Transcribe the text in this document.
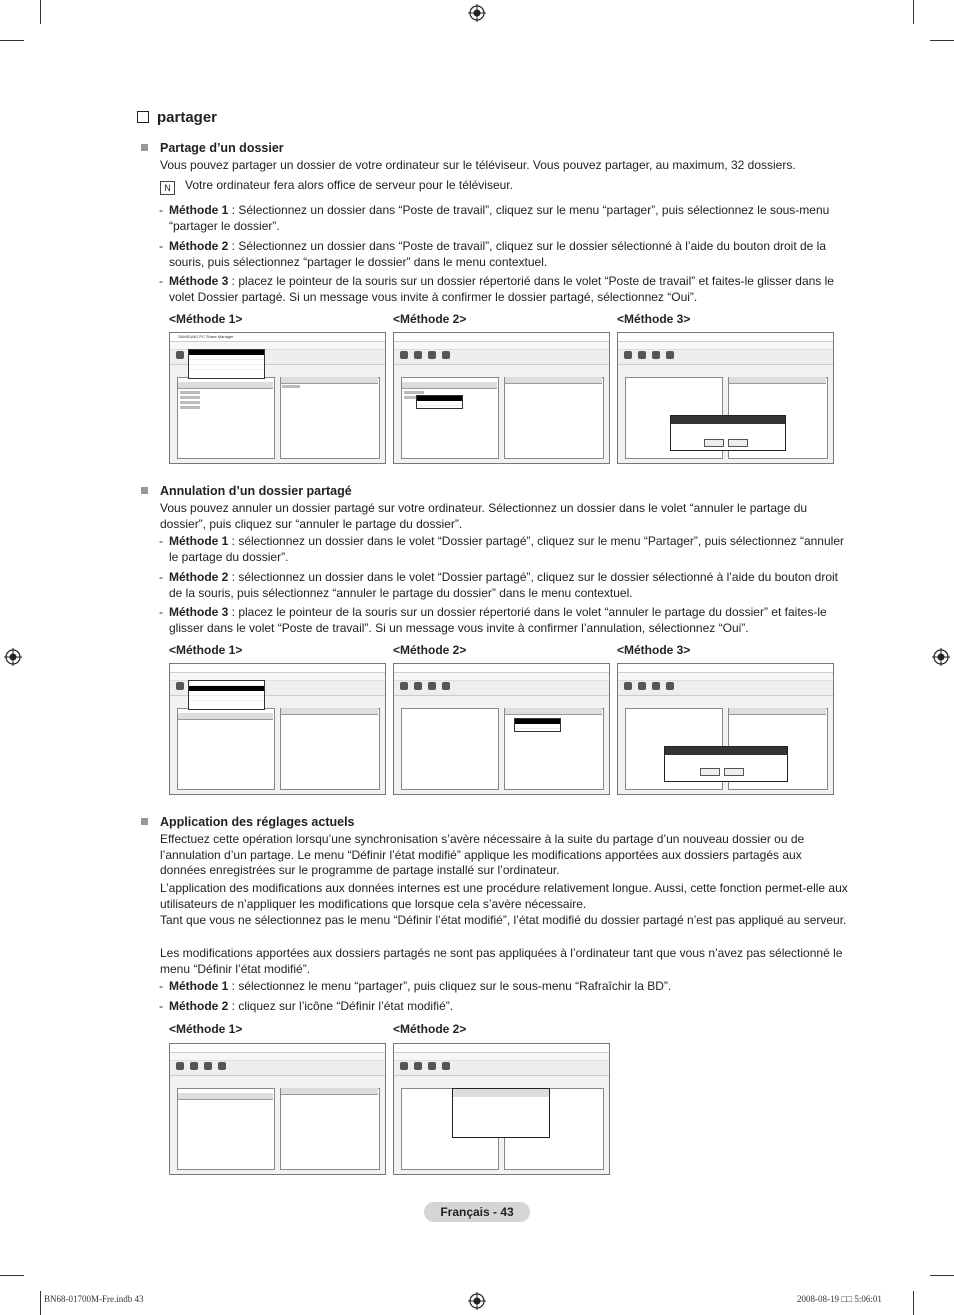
partager
Partage d’un dossier
Vous pouvez partager un dossier de votre ordinateur sur le téléviseur. Vous pouvez partager, au maximum, 32 dossiers.
N Votre ordinateur fera alors office de serveur pour le téléviseur.
- Méthode 1 : Sélectionnez un dossier dans “Poste de travail”, cliquez sur le menu “partager”, puis sélectionnez le sous-menu “partager le dossier”.
- Méthode 2 : Sélectionnez un dossier dans “Poste de travail”, cliquez sur le dossier sélectionné à l’aide du bouton droit de la souris, puis sélectionnez “partager le dossier” dans le menu contextuel.
- Méthode 3 : placez le pointeur de la souris sur un dossier répertorié dans le volet “Poste de travail” et faites-le glisser dans le volet Dossier partagé. Si un message vous invite à confirmer le dossier partagé, sélectionnez “Oui”.
<Méthode 1>	<Méthode 2>	<Méthode 3>
SAMSUNG PC Share Manager
Annulation d’un dossier partagé
Vous pouvez annuler un dossier partagé sur votre ordinateur. Sélectionnez un dossier dans le volet “annuler le partage du dossier”, puis cliquez sur “annuler le partage du dossier”.
- Méthode 1 : sélectionnez un dossier dans le volet “Dossier partagé”, cliquez sur le menu “Partager”, puis sélectionnez “annuler le partage du dossier”.
- Méthode 2 : sélectionnez un dossier dans le volet “Dossier partagé”, cliquez sur le dossier sélectionné à l’aide du bouton droit de la souris, puis sélectionnez “annuler le partage du dossier” dans le menu contextuel.
- Méthode 3 : placez le pointeur de la souris sur un dossier répertorié dans le volet “annuler le partage du dossier” et faites-le glisser dans le volet “Poste de travail”. Si un message vous invite à confirmer l’annulation, sélectionnez “Oui”.
<Méthode 1>	<Méthode 2>	<Méthode 3>
Application des réglages actuels
Effectuez cette opération lorsqu’une synchronisation s’avère nécessaire à la suite du partage d’un nouveau dossier ou de l’annulation d’un partage. Le menu “Définir l’état modifié” applique les modifications apportées aux dossiers partagés aux données enregistrées sur le programme de partage installé sur l’ordinateur.
L’application des modifications aux données internes est une procédure relativement longue. Aussi, cette fonction permet-elle aux utilisateurs de n’appliquer les modifications que lorsque cela s’avère nécessaire.
Tant que vous ne sélectionnez pas le menu “Définir l’état modifié”, l’état modifié du dossier partagé n’est pas appliqué au serveur.
Les modifications apportées aux dossiers partagés ne sont pas appliquées à l’ordinateur tant que vous n’avez pas sélectionné le menu “Définir l’état modifié”.
- Méthode 1 : sélectionnez le menu “partager”, puis cliquez sur le sous-menu “Rafraîchir la BD”.
- Méthode 2 : cliquez sur l’icône “Définir l’état modifié”.
<Méthode 1>	<Méthode 2>
Français - 43
BN68-01700M-Fre.indb 43	2008-08-19 □□ 5:06:01
